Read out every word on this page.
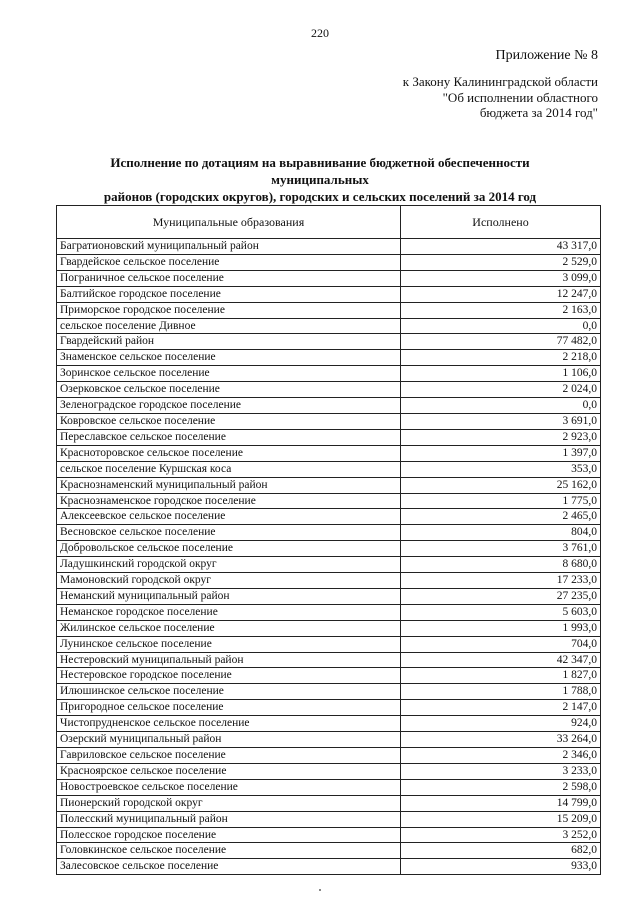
220
Приложение № 8
к Закону Калининградской области
"Об исполнении областного
бюджета за 2014 год"
Исполнение по дотациям на выравнивание бюджетной обеспеченности муниципальных
районов (городских округов), городских и сельских поселений за 2014 год
Муниципальные образования	Исполнено
Багратионовский муниципальный район	43 317,0
Гвардейское сельское поселение	2 529,0
Пограничное сельское поселение	3 099,0
Балтийское городское поселение	12 247,0
Приморское городское поселение	2 163,0
сельское поселение Дивное	0,0
Гвардейский район	77 482,0
Знаменское сельское поселение	2 218,0
Зоринское сельское поселение	1 106,0
Озерковское сельское поселение	2 024,0
Зеленоградское городское поселение	0,0
Ковровское сельское поселение	3 691,0
Переславское сельское поселение	2 923,0
Красноторовское сельское поселение	1 397,0
сельское поселение Куршская коса	353,0
Краснознаменский муниципальный район	25 162,0
Краснознаменское городское поселение	1 775,0
Алексеевское сельское поселение	2 465,0
Весновское сельское поселение	804,0
Добровольское сельское поселение	3 761,0
Ладушкинский городской округ	8 680,0
Мамоновский городской округ	17 233,0
Неманский муниципальный район	27 235,0
Неманское городское поселение	5 603,0
Жилинское сельское поселение	1 993,0
Лунинское сельское поселение	704,0
Нестеровский муниципальный район	42 347,0
Нестеровское городское поселение	1 827,0
Илюшинское сельское поселение	1 788,0
Пригородное сельское поселение	2 147,0
Чистопрудненское сельское поселение	924,0
Озерский муниципальный район	33 264,0
Гавриловское сельское поселение	2 346,0
Красноярское сельское поселение	3 233,0
Новостроевское сельское поселение	2 598,0
Пионерский городской округ	14 799,0
Полесский муниципальный район	15 209,0
Полесское городское поселение	3 252,0
Головкинское сельское поселение	682,0
Залесовское сельское поселение	933,0
